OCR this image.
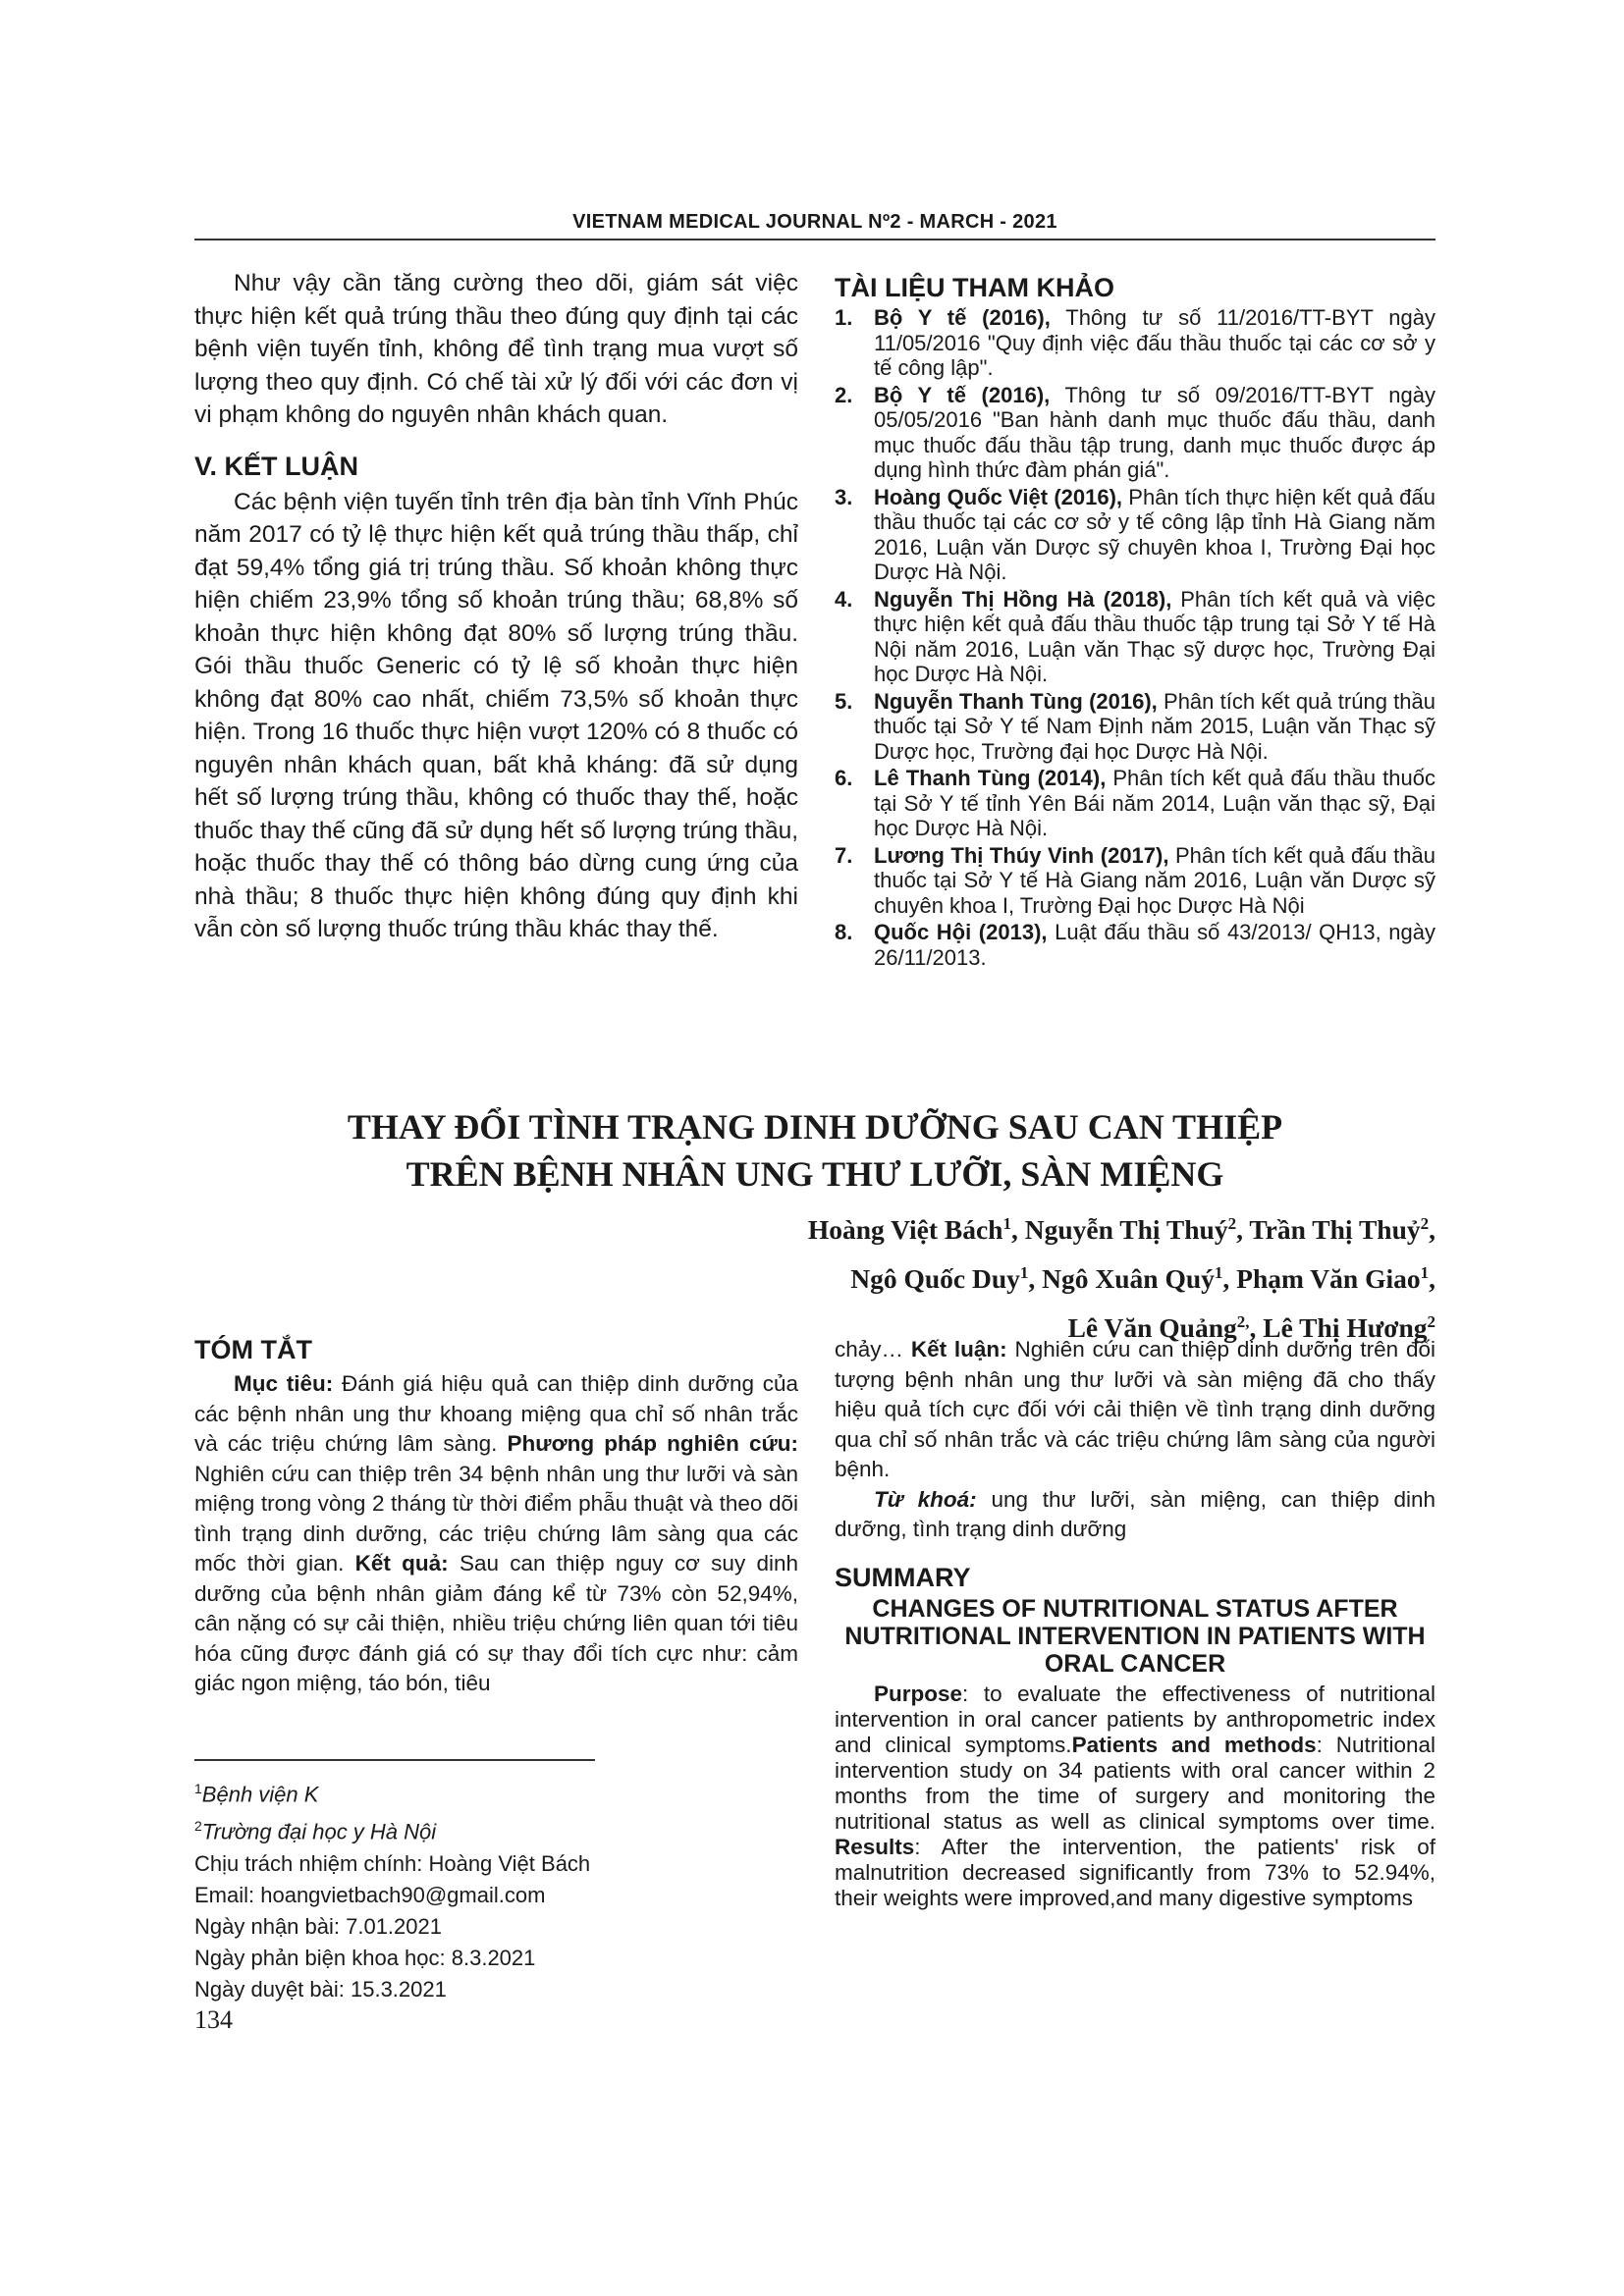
VIETNAM MEDICAL JOURNAL Nº2 - MARCH - 2021

Như vậy cần tăng cường theo dõi, giám sát việc thực hiện kết quả trúng thầu theo đúng quy định tại các bệnh viện tuyến tỉnh, không để tình trạng mua vượt số lượng theo quy định. Có chế tài xử lý đối với các đơn vị vi phạm không do nguyên nhân khách quan.

V. KẾT LUẬN

Các bệnh viện tuyến tỉnh trên địa bàn tỉnh Vĩnh Phúc năm 2017 có tỷ lệ thực hiện kết quả trúng thầu thấp, chỉ đạt 59,4% tổng giá trị trúng thầu. Số khoản không thực hiện chiếm 23,9% tổng số khoản trúng thầu; 68,8% số khoản thực hiện không đạt 80% số lượng trúng thầu. Gói thầu thuốc Generic có tỷ lệ số khoản thực hiện không đạt 80% cao nhất, chiếm 73,5% số khoản thực hiện. Trong 16 thuốc thực hiện vượt 120% có 8 thuốc có nguyên nhân khách quan, bất khả kháng: đã sử dụng hết số lượng trúng thầu, không có thuốc thay thế, hoặc thuốc thay thế cũng đã sử dụng hết số lượng trúng thầu, hoặc thuốc thay thế có thông báo dừng cung ứng của nhà thầu; 8 thuốc thực hiện không đúng quy định khi vẫn còn số lượng thuốc trúng thầu khác thay thế.

TÀI LIỆU THAM KHẢO
1. Bộ Y tế (2016), Thông tư số 11/2016/TT-BYT ngày 11/05/2016 "Quy định việc đấu thầu thuốc tại các cơ sở y tế công lập".
2. Bộ Y tế (2016), Thông tư số 09/2016/TT-BYT ngày 05/05/2016 "Ban hành danh mục thuốc đấu thầu, danh mục thuốc đấu thầu tập trung, danh mục thuốc được áp dụng hình thức đàm phán giá".
3. Hoàng Quốc Việt (2016), Phân tích thực hiện kết quả đấu thầu thuốc tại các cơ sở y tế công lập tỉnh Hà Giang năm 2016, Luận văn Dược sỹ chuyên khoa I, Trường Đại học Dược Hà Nội.
4. Nguyễn Thị Hồng Hà (2018), Phân tích kết quả và việc thực hiện kết quả đấu thầu thuốc tập trung tại Sở Y tế Hà Nội năm 2016, Luận văn Thạc sỹ dược học, Trường Đại học Dược Hà Nội.
5. Nguyễn Thanh Tùng (2016), Phân tích kết quả trúng thầu thuốc tại Sở Y tế Nam Định năm 2015, Luận văn Thạc sỹ Dược học, Trường đại học Dược Hà Nội.
6. Lê Thanh Tùng (2014), Phân tích kết quả đấu thầu thuốc tại Sở Y tế tỉnh Yên Bái năm 2014, Luận văn thạc sỹ, Đại học Dược Hà Nội.
7. Lương Thị Thúy Vinh (2017), Phân tích kết quả đấu thầu thuốc tại Sở Y tế Hà Giang năm 2016, Luận văn Dược sỹ chuyên khoa I, Trường Đại học Dược Hà Nội
8. Quốc Hội (2013), Luật đấu thầu số 43/2013/ QH13, ngày 26/11/2013.
THAY ĐỔI TÌNH TRẠNG DINH DƯỠNG SAU CAN THIỆP
TRÊN BỆNH NHÂN UNG THƯ LƯỠI, SÀN MIỆNG
Hoàng Việt Bách$^1$, Nguyễn Thị Thuý$^2$, Trần Thị Thuỷ$^2$,
Ngô Quốc Duy$^1$, Ngô Xuân Quý$^1$, Phạm Văn Giao$^1$,
Lê Văn Quảng$^{2,}$, Lê Thị Hương$^2$
TÓM TẮT

Mục tiêu: Đánh giá hiệu quả can thiệp dinh dưỡng của các bệnh nhân ung thư khoang miệng qua chỉ số nhân trắc và các triệu chứng lâm sàng. Phương pháp nghiên cứu: Nghiên cứu can thiệp trên 34 bệnh nhân ung thư lưỡi và sàn miệng trong vòng 2 tháng từ thời điểm phẫu thuật và theo dõi tình trạng dinh dưỡng, các triệu chứng lâm sàng qua các mốc thời gian. Kết quả: Sau can thiệp nguy cơ suy dinh dưỡng của bệnh nhân giảm đáng kể từ 73% còn 52,94%, cân nặng có sự cải thiện, nhiều triệu chứng liên quan tới tiêu hóa cũng được đánh giá có sự thay đổi tích cực như: cảm giác ngon miệng, táo bón, tiêu

$^1$Bệnh viện K
$^2$Trường đại học y Hà Nội
Chịu trách nhiệm chính: Hoàng Việt Bách
Email: hoangvietbach90@gmail.com
Ngày nhận bài: 7.01.2021
Ngày phản biện khoa học: 8.3.2021
Ngày duyệt bài: 15.3.2021

chảy… Kết luận: Nghiên cứu can thiệp dinh dưỡng trên đối tượng bệnh nhân ung thư lưỡi và sàn miệng đã cho thấy hiệu quả tích cực đối với cải thiện về tình trạng dinh dưỡng qua chỉ số nhân trắc và các triệu chứng lâm sàng của người bệnh.

Từ khoá: ung thư lưỡi, sàn miệng, can thiệp dinh dưỡng, tình trạng dinh dưỡng

SUMMARY
CHANGES OF NUTRITIONAL STATUS AFTER NUTRITIONAL INTERVENTION IN PATIENTS WITH ORAL CANCER

Purpose: to evaluate the effectiveness of nutritional intervention in oral cancer patients by anthropometric index and clinical symptoms.Patients and methods: Nutritional intervention study on 34 patients with oral cancer within 2 months from the time of surgery and monitoring the nutritional status as well as clinical symptoms over time. Results: After the intervention, the patients' risk of malnutrition decreased significantly from 73% to 52.94%, their weights were improved,and many digestive symptoms

134
